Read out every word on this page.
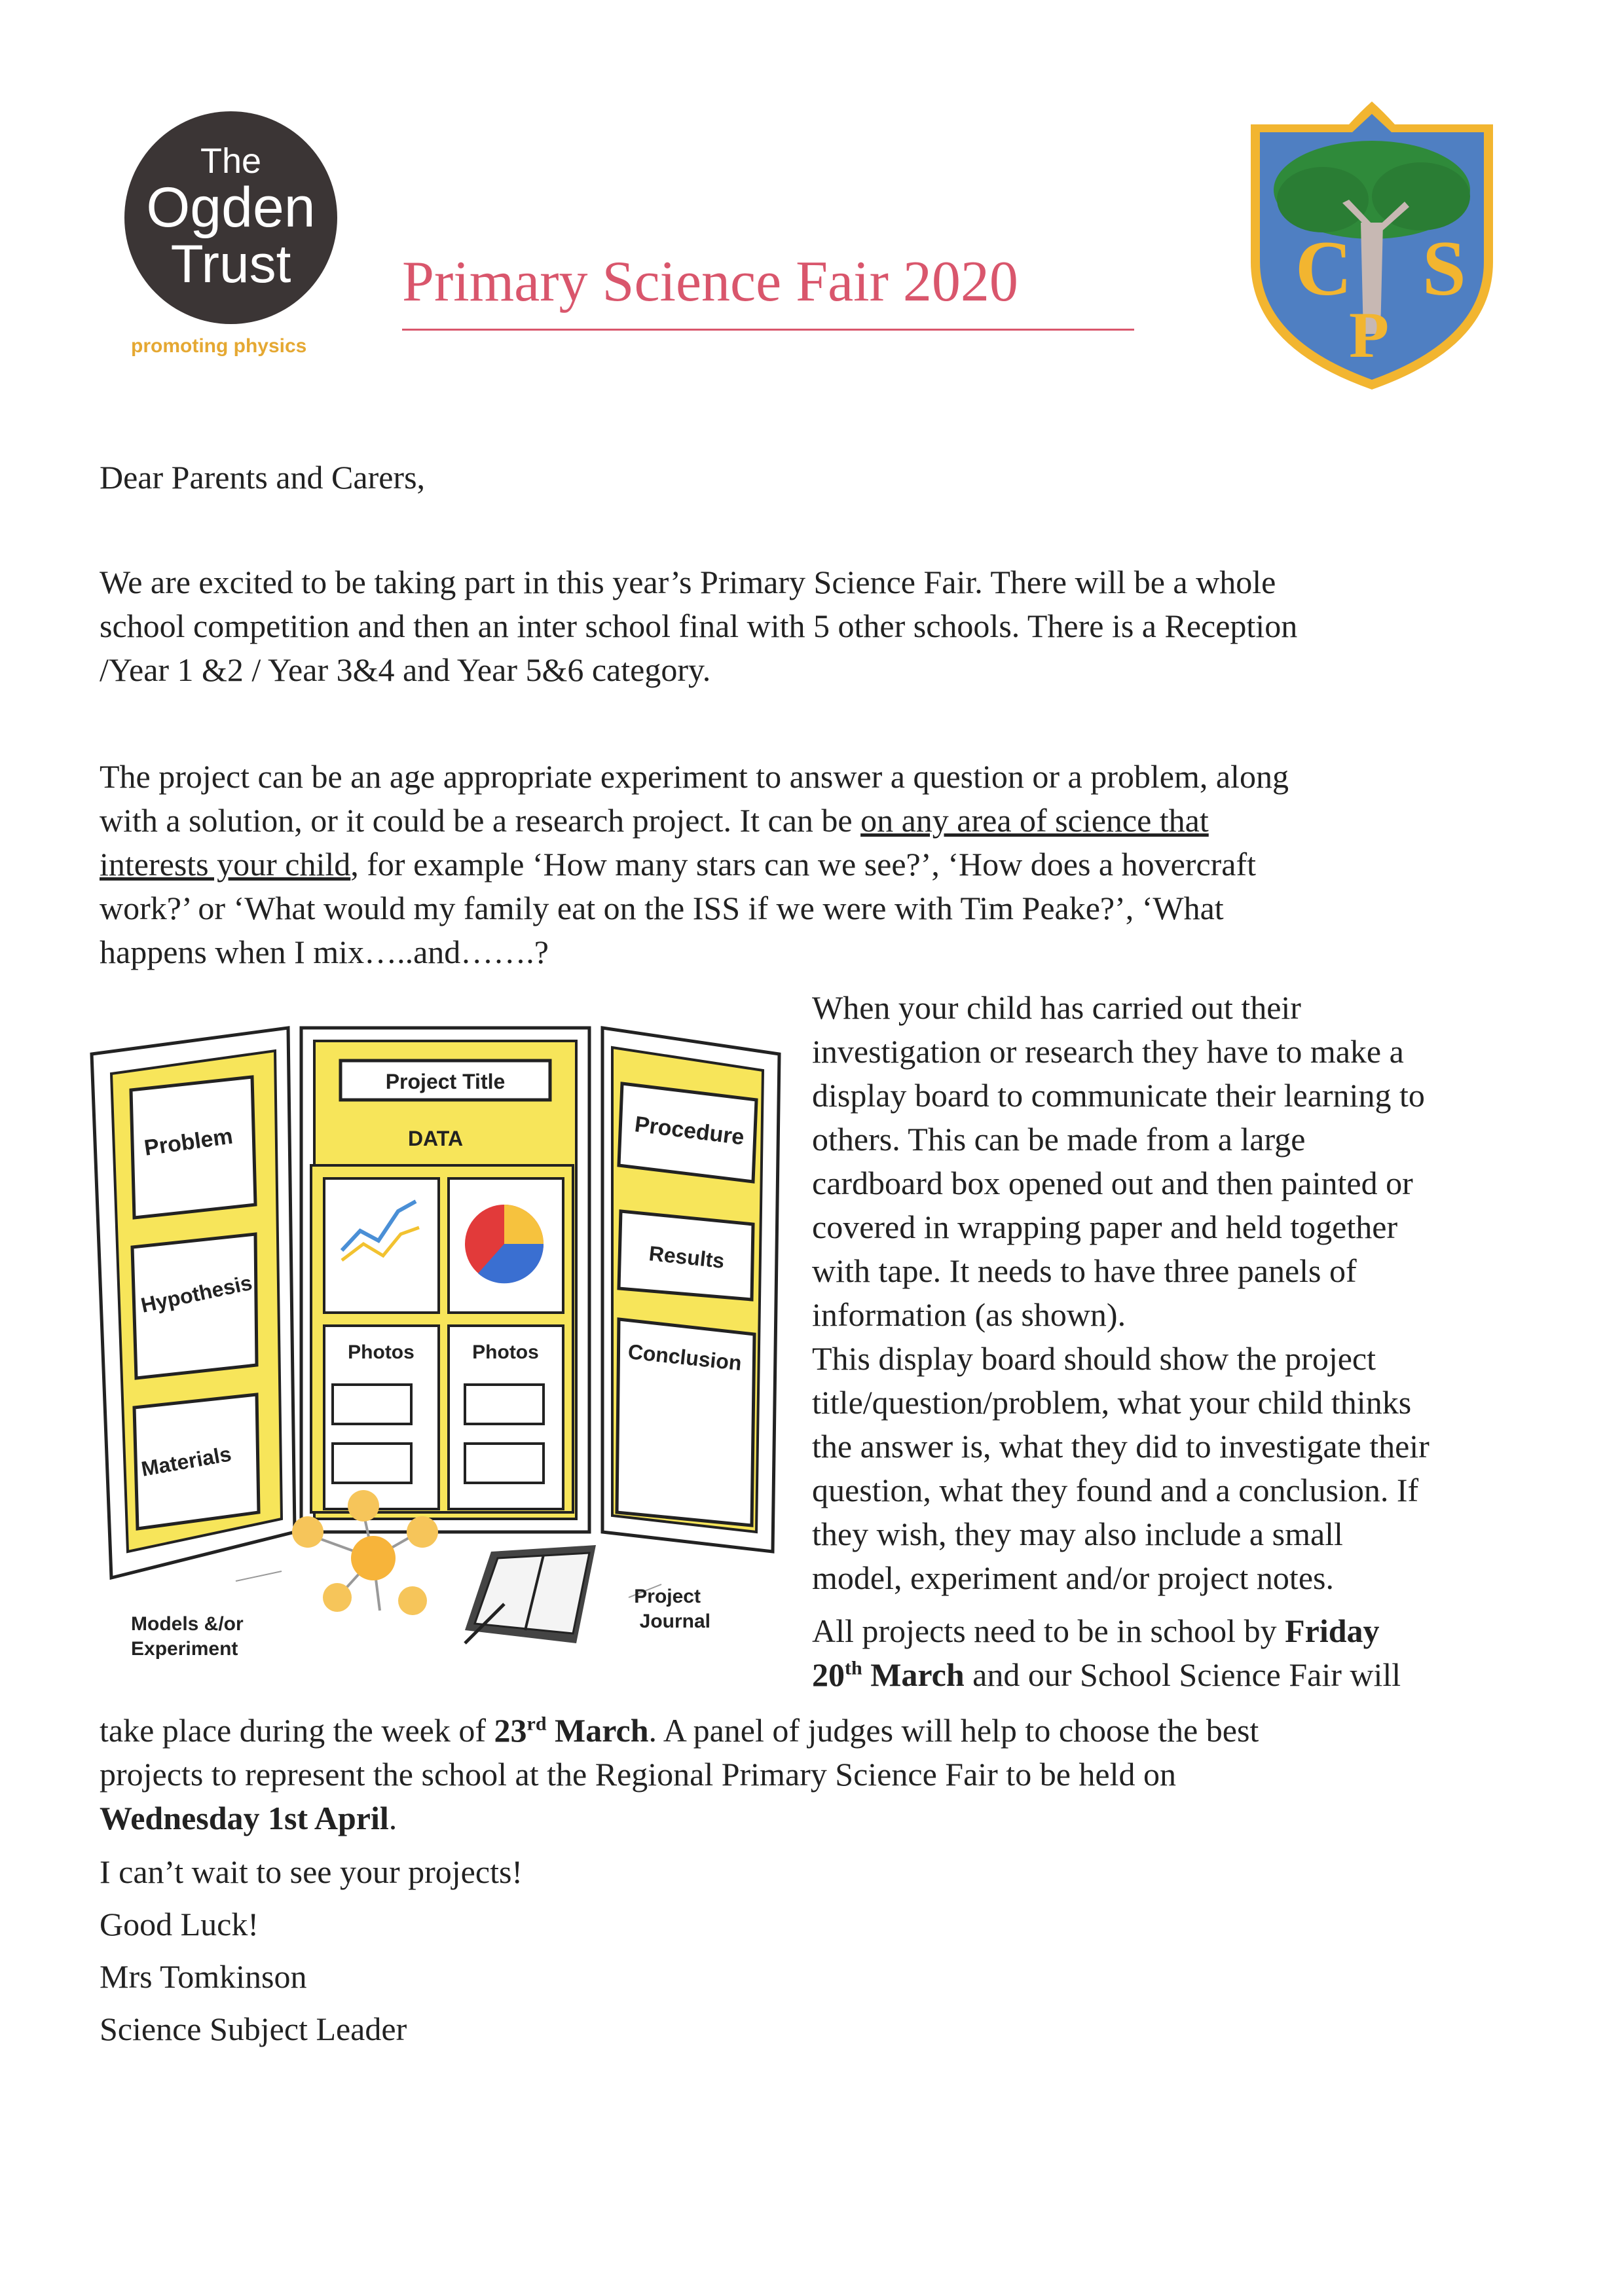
The
Ogden
Trust
promoting physics
Primary Science Fair 2020	C S
P
Dear Parents and Carers,
We are excited to be taking part in this year’s Primary Science Fair. There will be a whole
school competition and then an inter school final with 5 other schools. There is a Reception
/Year 1 &2 / Year 3&4 and Year 5&6 category.
The project can be an age appropriate experiment to answer a question or a problem, along
with a solution, or it could be a research project. It can be on any area of science that
interests your child, for example ‘How many stars can we see?’, ‘How does a hovercraft
work?’ or ‘What would my family eat on the ISS if we were with Tim Peake?’, ‘What
happens when I mix…..and…….?
When your child has carried out their
investigation or research they have to make a
display board to communicate their learning to
others. This can be made from a large
cardboard box opened out and then painted or
covered in wrapping paper and held together
with tape. It needs to have three panels of
information (as shown).
This display board should show the project
title/question/problem, what your child thinks
the answer is, what they did to investigate their
question, what they found and a conclusion. If
they wish, they may also include a small
model, experiment and/or project notes.
All projects need to be in school by Friday
20th March and our School Science Fair will
take place during the week of 23rd March. A panel of judges will help to choose the best
projects to represent the school at the Regional Primary Science Fair to be held on
Wednesday 1st April.
I can’t wait to see your projects!
Good Luck!
Mrs Tomkinson
Science Subject Leader
Problem
Hypothesis
Materials
Project Title
DATA
Photos	Photos
Procedure
Results
Conclusion
Models &/or
Experiment
Project
Journal
